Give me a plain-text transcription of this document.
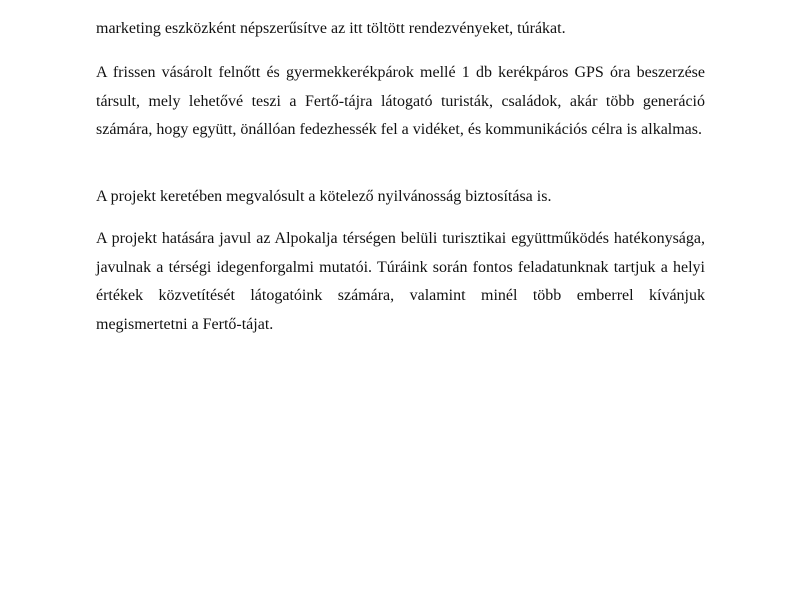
marketing eszközként népszerűsítve az itt töltött rendezvényeket, túrákat.

A frissen vásárolt felnőtt és gyermekkerékpárok mellé 1 db kerékpáros GPS óra beszerzése társult, mely lehetővé teszi a Fertő-tájra látogató turisták, családok, akár több generáció számára, hogy együtt, önállóan fedezhessék fel a vidéket, és kommunikációs célra is alkalmas.

A projekt keretében megvalósult a kötelező nyilvánosság biztosítása is.

A projekt hatására javul az Alpokalja térségen belüli turisztikai együttműködés hatékonysága, javulnak a térségi idegenforgalmi mutatói. Túráink során fontos feladatunknak tartjuk a helyi értékek közvetítését látogatóink számára, valamint minél több emberrel kívánjuk megismertetni a Fertő-tájat.
